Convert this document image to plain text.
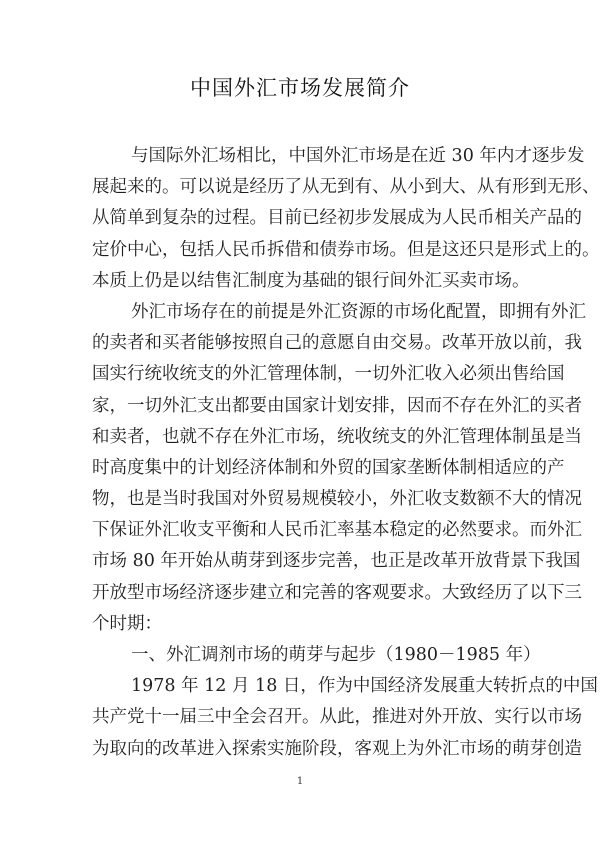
中国外汇市场发展简介
与国际外汇场相比，中国外汇市场是在近 30 年内才逐步发
展起来的。可以说是经历了从无到有、从小到大、从有形到无形、
从简单到复杂的过程。目前已经初步发展成为人民币相关产品的
定价中心，包括人民币拆借和债券市场。但是这还只是形式上的。
本质上仍是以结售汇制度为基础的银行间外汇买卖市场。
外汇市场存在的前提是外汇资源的市场化配置，即拥有外汇
的卖者和买者能够按照自己的意愿自由交易。改革开放以前，我
国实行统收统支的外汇管理体制，一切外汇收入必须出售给国
家，一切外汇支出都要由国家计划安排，因而不存在外汇的买者
和卖者，也就不存在外汇市场，统收统支的外汇管理体制虽是当
时高度集中的计划经济体制和外贸的国家垄断体制相适应的产
物，也是当时我国对外贸易规模较小，外汇收支数额不大的情况
下保证外汇收支平衡和人民币汇率基本稳定的必然要求。而外汇
市场 80 年开始从萌芽到逐步完善，也正是改革开放背景下我国
开放型市场经济逐步建立和完善的客观要求。大致经历了以下三
个时期：
一、外汇调剂市场的萌芽与起步（1980－1985 年）
1978 年 12 月 18 日，作为中国经济发展重大转折点的中国
共产党十一届三中全会召开。从此，推进对外开放、实行以市场
为取向的改革进入探索实施阶段，客观上为外汇市场的萌芽创造
1
